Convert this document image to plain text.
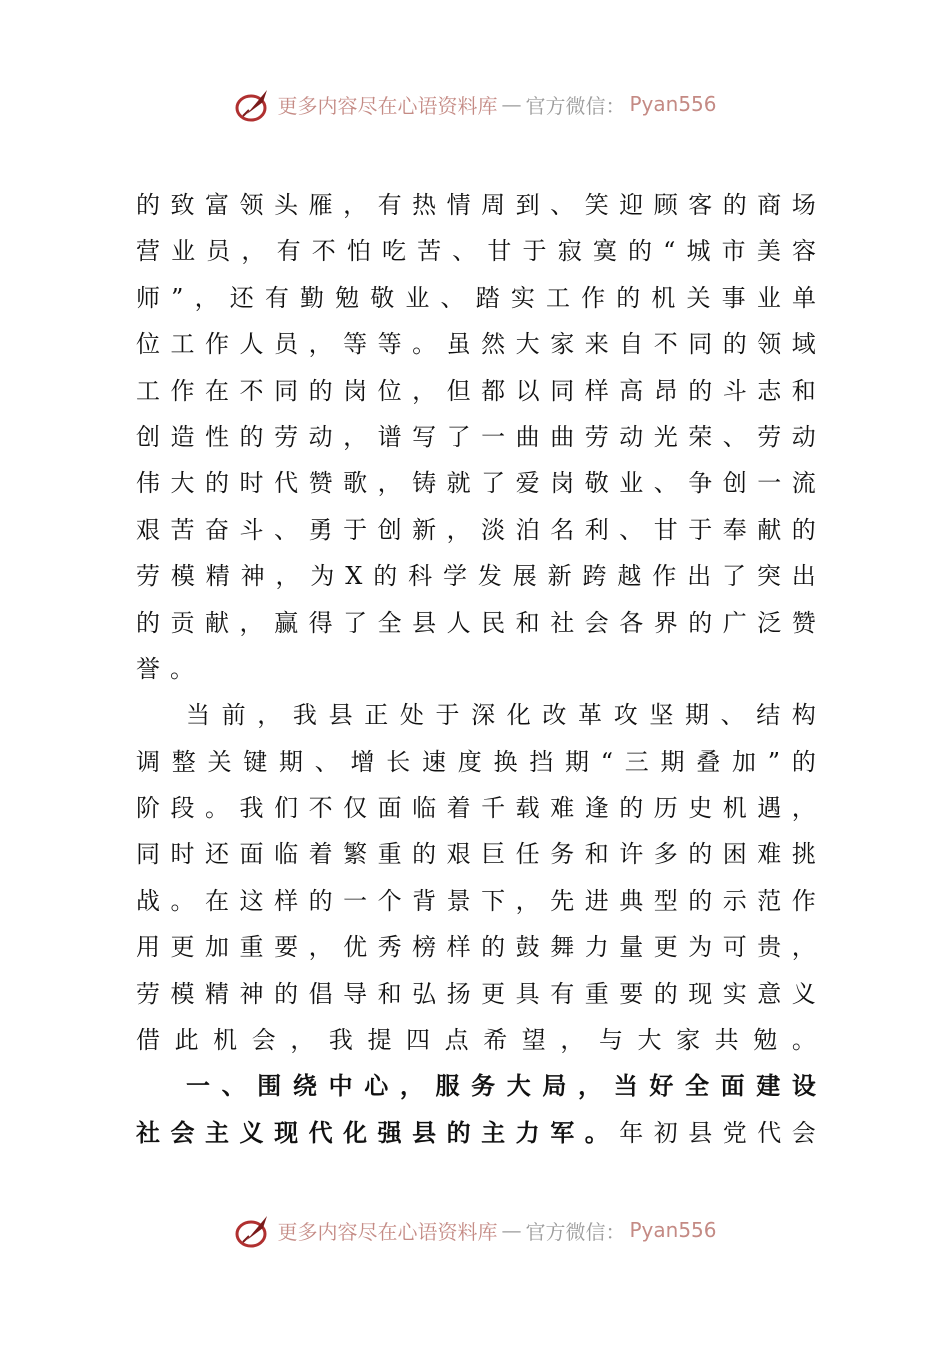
更多内容尽在心语资料库 — 官方微信： Pyan556
的 致 富 领 头 雁 ， 有 热 情 周 到 、 笑 迎 顾 客 的 商 场
营 业 员 ， 有 不 怕 吃 苦 、 甘 于 寂 寞 的 “ 城 市 美 容
师 ” ， 还 有 勤 勉 敬 业 、 踏 实 工 作 的 机 关 事 业 单
位 工 作 人 员 ， 等 等 。 虽 然 大 家 来 自 不 同 的 领 域
工 作 在 不 同 的 岗 位 ， 但 都 以 同 样 高 昂 的 斗 志 和
创 造 性 的 劳 动 ， 谱 写 了 一 曲 曲 劳 动 光 荣 、 劳 动
伟 大 的 时 代 赞 歌 ， 铸 就 了 爱 岗 敬 业 、 争 创 一 流
艰 苦 奋 斗 、 勇 于 创 新 ， 淡 泊 名 利 、 甘 于 奉 献 的
劳 模 精 神 ， 为 X 的 科 学 发 展 新 跨 越 作 出 了 突 出
的 贡 献 ， 赢 得 了 全 县 人 民 和 社 会 各 界 的 广 泛 赞
誉 。
当 前 ， 我 县 正 处 于 深 化 改 革 攻 坚 期 、 结 构
调 整 关 键 期 、 增 长 速 度 换 挡 期 “ 三 期 叠 加 ” 的
阶 段 。 我 们 不 仅 面 临 着 千 载 难 逢 的 历 史 机 遇 ，
同 时 还 面 临 着 繁 重 的 艰 巨 任 务 和 许 多 的 困 难 挑
战 。 在 这 样 的 一 个 背 景 下 ， 先 进 典 型 的 示 范 作
用 更 加 重 要 ， 优 秀 榜 样 的 鼓 舞 力 量 更 为 可 贵 ，
劳 模 精 神 的 倡 导 和 弘 扬 更 具 有 重 要 的 现 实 意 义
借 此 机 会 ， 我 提 四 点 希 望 ， 与 大 家 共 勉 。
一 、 围 绕 中 心 ， 服 务 大 局 ， 当 好 全 面 建 设
社 会 主 义 现 代 化 强 县 的 主 力 军 。 年 初 县 党 代 会
更多内容尽在心语资料库 — 官方微信： Pyan556
